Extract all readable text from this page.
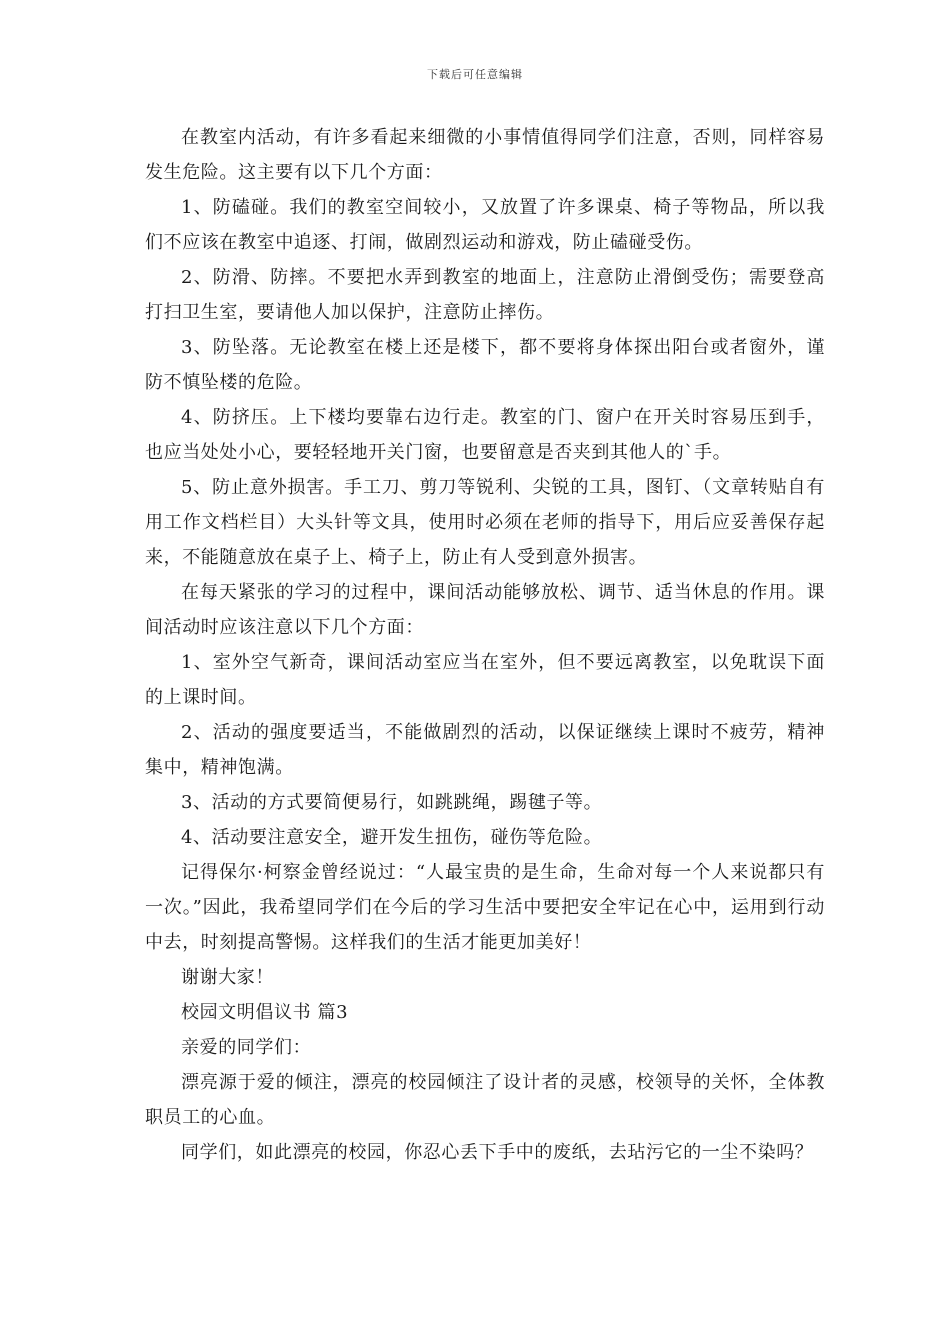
下载后可任意编辑

在教室内活动，有许多看起来细微的小事情值得同学们注意，否则，同样容易发生危险。这主要有以下几个方面：

1、防磕碰。我们的教室空间较小，又放置了许多课桌、椅子等物品，所以我们不应该在教室中追逐、打闹，做剧烈运动和游戏，防止磕碰受伤。

2、防滑、防摔。不要把水弄到教室的地面上，注意防止滑倒受伤；需要登高打扫卫生室，要请他人加以保护，注意防止摔伤。

3、防坠落。无论教室在楼上还是楼下，都不要将身体探出阳台或者窗外，谨防不慎坠楼的危险。

4、防挤压。上下楼均要靠右边行走。教室的门、窗户在开关时容易压到手，也应当处处小心，要轻轻地开关门窗，也要留意是否夹到其他人的`手。

5、防止意外损害。手工刀、剪刀等锐利、尖锐的工具，图钉、（文章转贴自有用工作文档栏目）大头针等文具，使用时必须在老师的指导下，用后应妥善保存起来，不能随意放在桌子上、椅子上，防止有人受到意外损害。

在每天紧张的学习的过程中，课间活动能够放松、调节、适当休息的作用。课间活动时应该注意以下几个方面：

1、室外空气新奇，课间活动室应当在室外，但不要远离教室，以免耽误下面的上课时间。

2、活动的强度要适当，不能做剧烈的活动，以保证继续上课时不疲劳，精神集中，精神饱满。

3、活动的方式要简便易行，如跳跳绳，踢毽子等。

4、活动要注意安全，避开发生扭伤，碰伤等危险。

记得保尔·柯察金曾经说过：“人最宝贵的是生命，生命对每一个人来说都只有一次。”因此，我希望同学们在今后的学习生活中要把安全牢记在心中，运用到行动中去，时刻提高警惕。这样我们的生活才能更加美好！

谢谢大家！

校园文明倡议书 篇3

亲爱的同学们：

漂亮源于爱的倾注，漂亮的校园倾注了设计者的灵感，校领导的关怀，全体教职员工的心血。

同学们，如此漂亮的校园，你忍心丢下手中的废纸，去玷污它的一尘不染吗？
